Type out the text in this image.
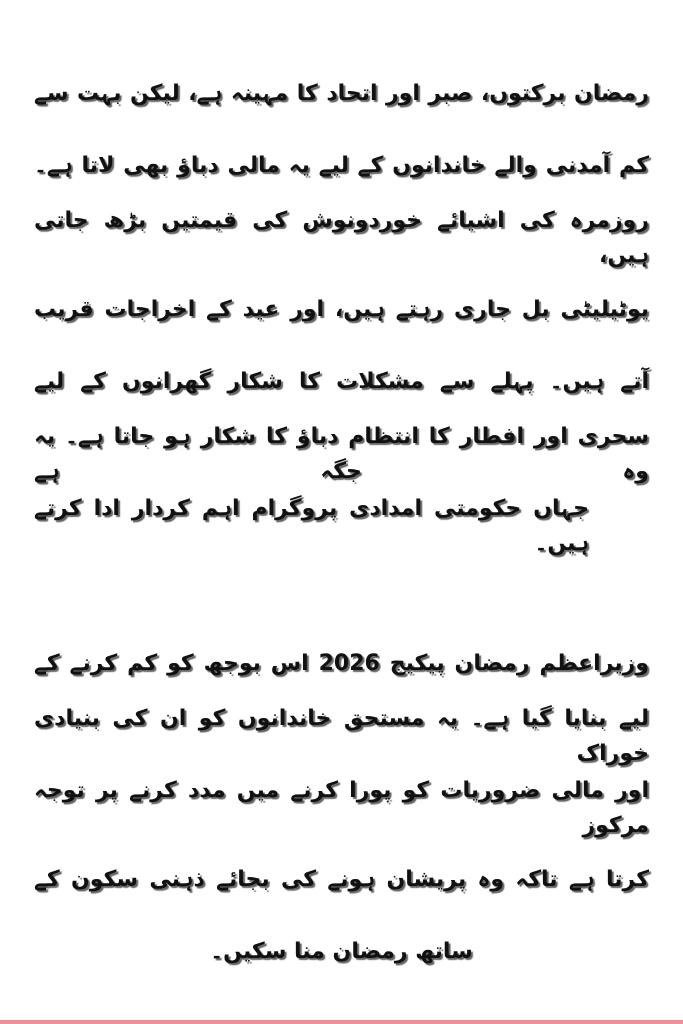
رمضان برکتوں، صبر اور اتحاد کا مہینہ ہے، لیکن بہت سے
کم آمدنی والے خاندانوں کے لیے یہ مالی دباؤ بھی لاتا ہے۔
روزمرہ کی اشیائے خوردونوش کی قیمتیں بڑھ جاتی ہیں،
یوٹیلیٹی بل جاری رہتے ہیں، اور عید کے اخراجات قریب
آتے ہیں۔ پہلے سے مشکلات کا شکار گھرانوں کے لیے
سحری اور افطار کا انتظام دباؤ کا شکار ہو جاتا ہے۔ یہ وہ جگہ ہے
جہاں حکومتی امدادی پروگرام اہم کردار ادا کرتے ہیں۔
وزیراعظم رمضان پیکیج 2026 اس بوجھ کو کم کرنے کے
لیے بنایا گیا ہے۔ یہ مستحق خاندانوں کو ان کی بنیادی خوراک
اور مالی ضروریات کو پورا کرنے میں مدد کرنے پر توجہ مرکوز
کرتا ہے تاکہ وہ پریشان ہونے کی بجائے ذہنی سکون کے
ساتھ رمضان منا سکیں۔
